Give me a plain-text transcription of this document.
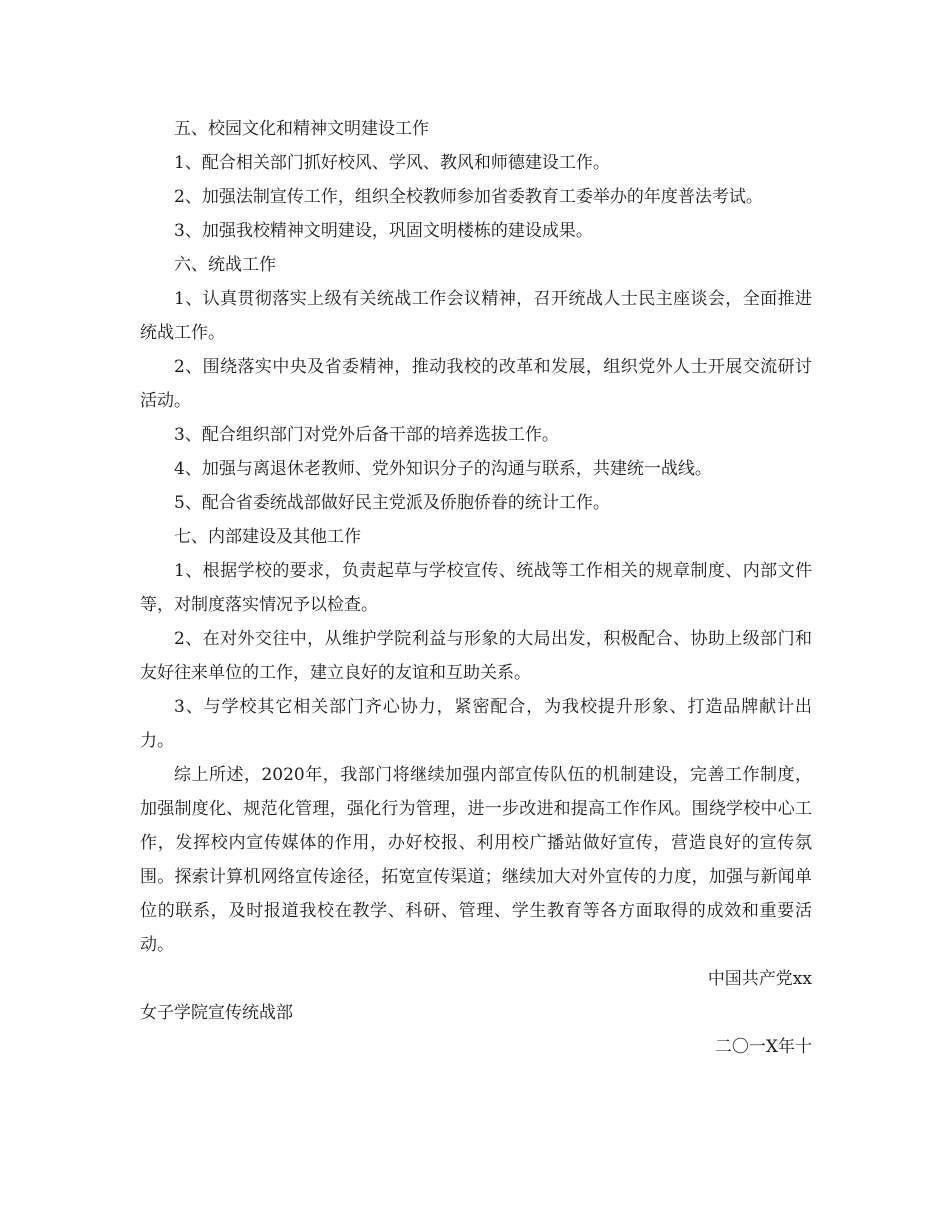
五、校园文化和精神文明建设工作

1、配合相关部门抓好校风、学风、教风和师德建设工作。

2、加强法制宣传工作，组织全校教师参加省委教育工委举办的年度普法考试。

3、加强我校精神文明建设，巩固文明楼栋的建设成果。

六、统战工作

1、认真贯彻落实上级有关统战工作会议精神，召开统战人士民主座谈会，全面推进统战工作。

2、围绕落实中央及省委精神，推动我校的改革和发展，组织党外人士开展交流研讨活动。

3、配合组织部门对党外后备干部的培养选拔工作。

4、加强与离退休老教师、党外知识分子的沟通与联系，共建统一战线。

5、配合省委统战部做好民主党派及侨胞侨眷的统计工作。

七、内部建设及其他工作

1、根据学校的要求，负责起草与学校宣传、统战等工作相关的规章制度、内部文件等，对制度落实情况予以检查。

2、在对外交往中，从维护学院利益与形象的大局出发，积极配合、协助上级部门和友好往来单位的工作，建立良好的友谊和互助关系。

3、与学校其它相关部门齐心协力，紧密配合，为我校提升形象、打造品牌献计出力。

综上所述，2020年，我部门将继续加强内部宣传队伍的机制建设，完善工作制度，加强制度化、规范化管理，强化行为管理，进一步改进和提高工作作风。围绕学校中心工作，发挥校内宣传媒体的作用，办好校报、利用校广播站做好宣传，营造良好的宣传氛围。探索计算机网络宣传途径，拓宽宣传渠道；继续加大对外宣传的力度，加强与新闻单位的联系，及时报道我校在教学、科研、管理、学生教育等各方面取得的成效和重要活动。

中国共产党xx

女子学院宣传统战部

二〇一X年十
